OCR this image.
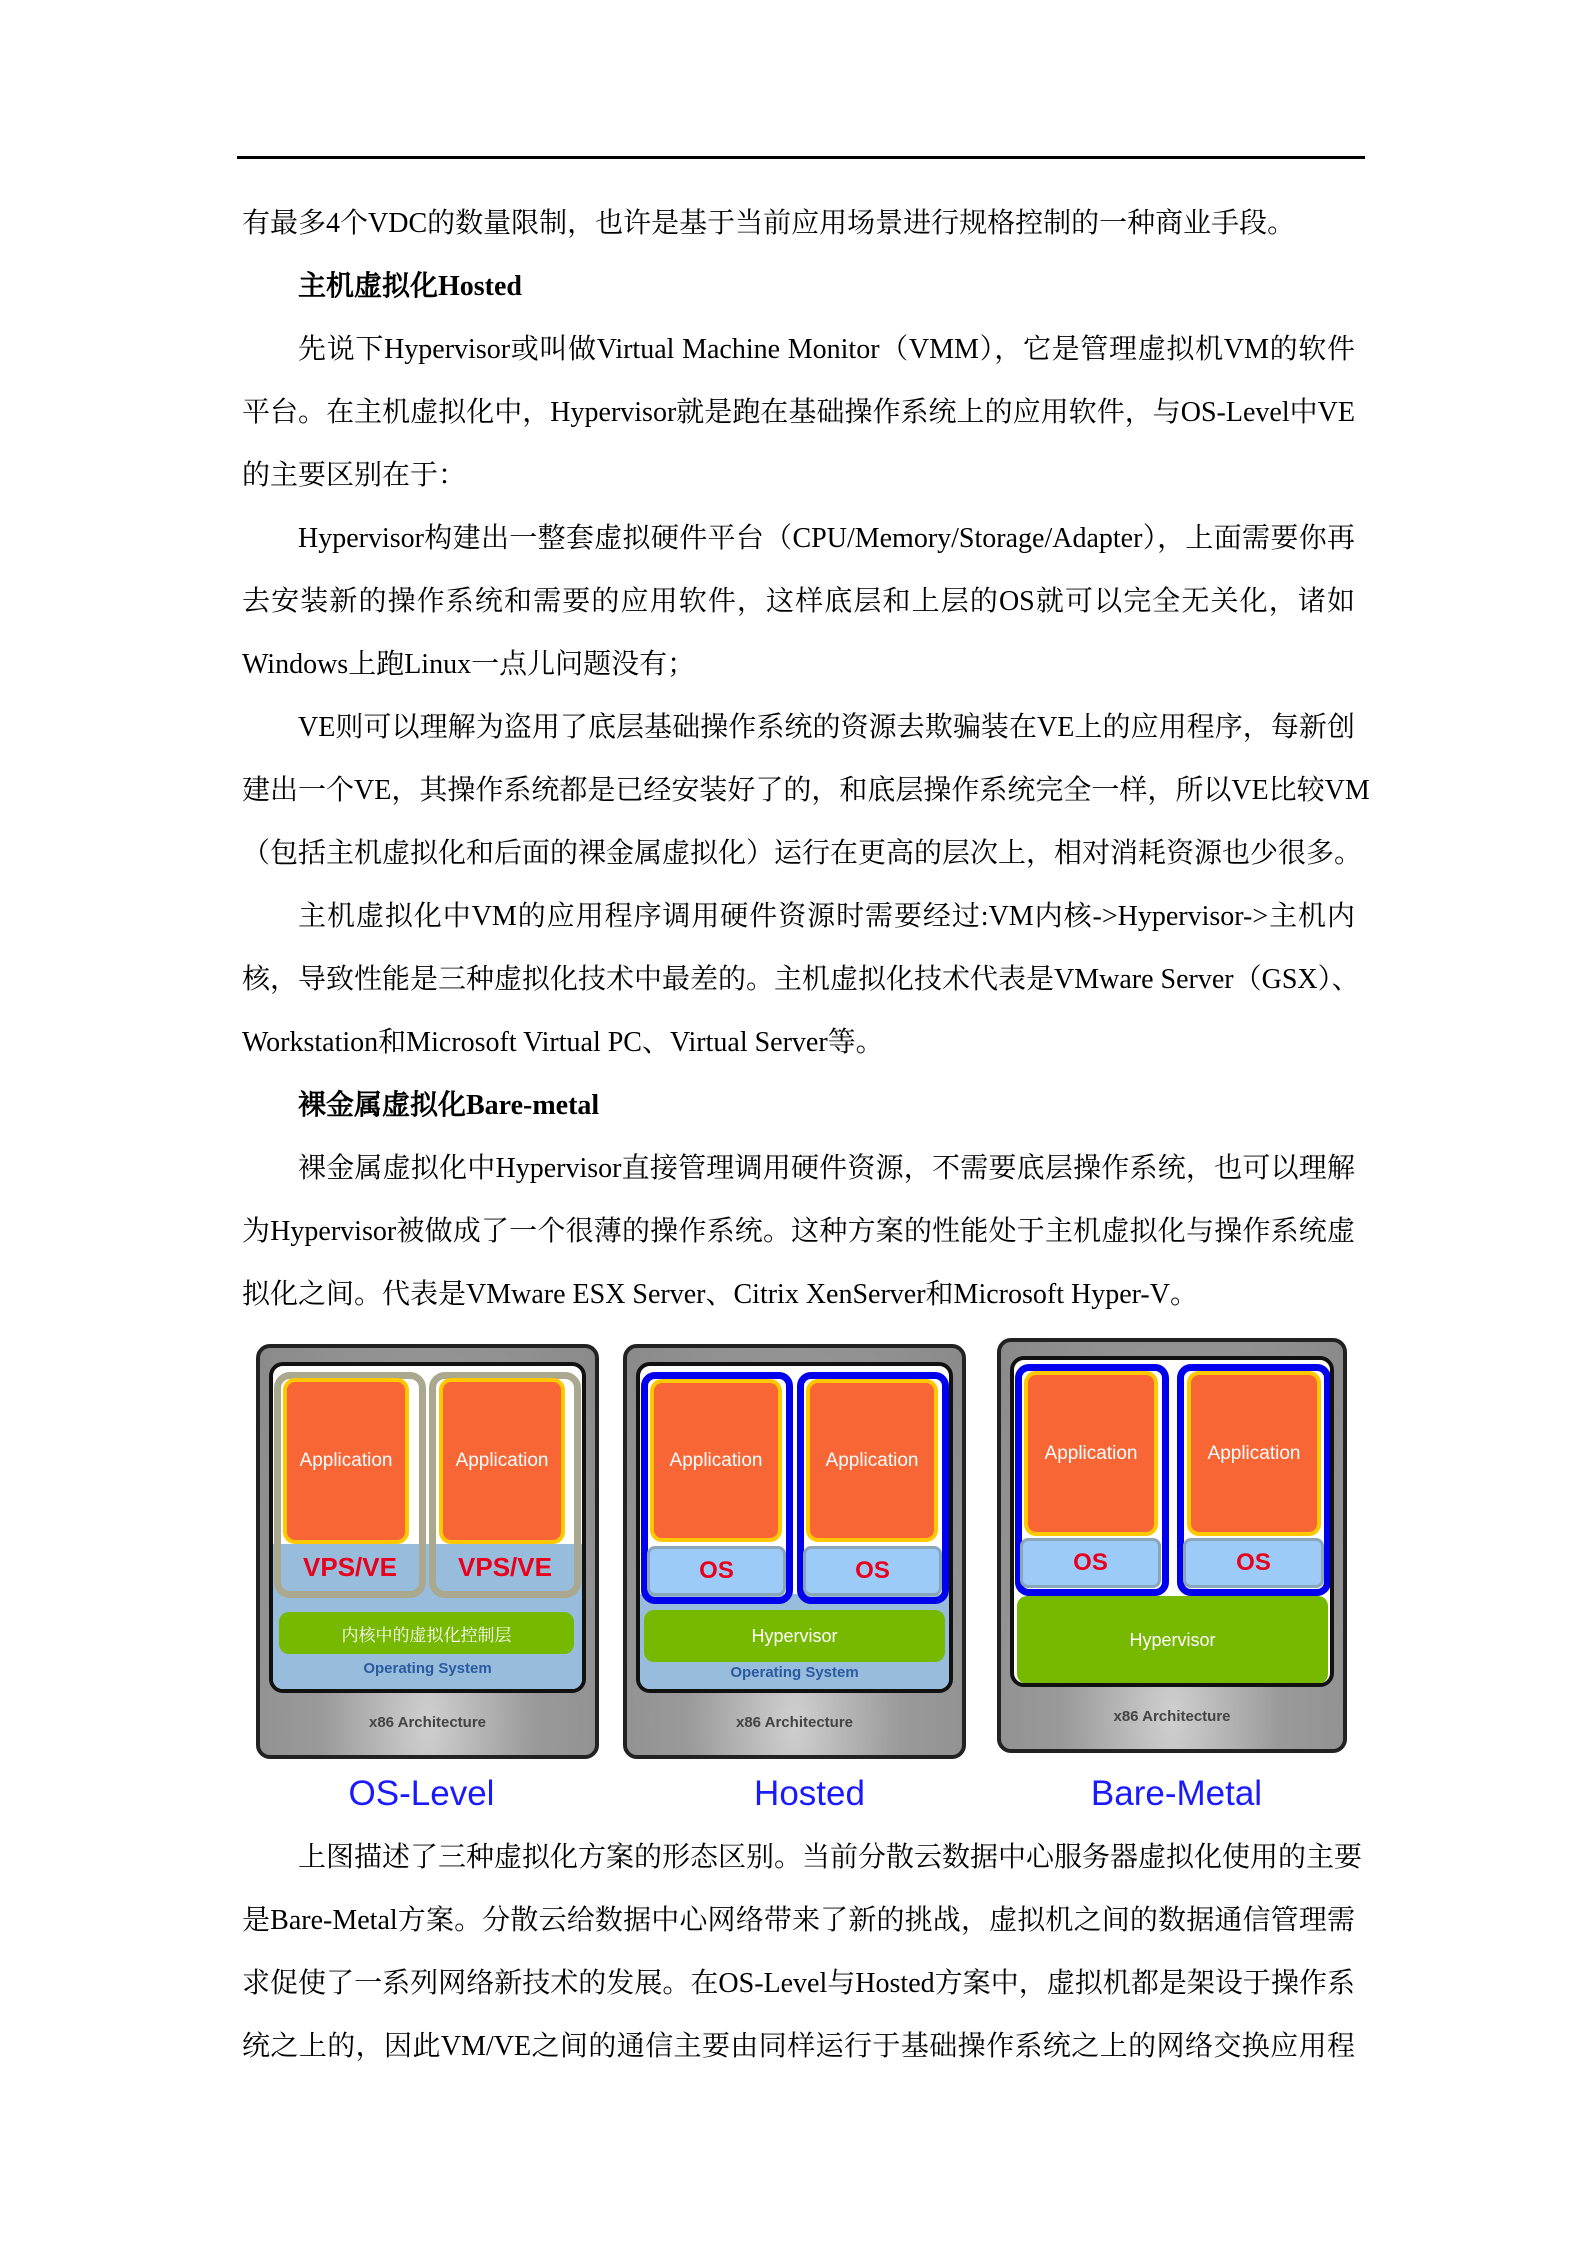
有最多4个VDC的数量限制，也许是基于当前应用场景进行规格控制的一种商业手段。
主机虚拟化Hosted
先说下Hypervisor或叫做Virtual Machine Monitor（VMM），它是管理虚拟机VM的软件
平台。在主机虚拟化中，Hypervisor就是跑在基础操作系统上的应用软件，与OS-Level中VE
的主要区别在于：
Hypervisor构建出一整套虚拟硬件平台（CPU/Memory/Storage/Adapter），上面需要你再
去安装新的操作系统和需要的应用软件，这样底层和上层的OS就可以完全无关化，诸如
Windows上跑Linux一点儿问题没有；
VE则可以理解为盗用了底层基础操作系统的资源去欺骗装在VE上的应用程序，每新创
建出一个VE，其操作系统都是已经安装好了的，和底层操作系统完全一样，所以VE比较VM
（包括主机虚拟化和后面的裸金属虚拟化）运行在更高的层次上，相对消耗资源也少很多。
主机虚拟化中VM的应用程序调用硬件资源时需要经过:VM内核->Hypervisor->主机内
核，导致性能是三种虚拟化技术中最差的。主机虚拟化技术代表是VMware Server（GSX）、
Workstation和Microsoft Virtual PC、Virtual Server等。
裸金属虚拟化Bare-metal
裸金属虚拟化中Hypervisor直接管理调用硬件资源，不需要底层操作系统，也可以理解
为Hypervisor被做成了一个很薄的操作系统。这种方案的性能处于主机虚拟化与操作系统虚
拟化之间。代表是VMware ESX Server、Citrix XenServer和Microsoft Hyper-V。
Application	Application
VPS/VE	VPS/VE
内核中的虚拟化控制层
Operating System
x86 Architecture
Application	Application
OS	OS
Hypervisor
Operating System
x86 Architecture
Application	Application
OS	OS
Hypervisor
x86 Architecture
OS-Level	Hosted	Bare-Metal
上图描述了三种虚拟化方案的形态区别。当前分散云数据中心服务器虚拟化使用的主要
是Bare-Metal方案。分散云给数据中心网络带来了新的挑战，虚拟机之间的数据通信管理需
求促使了一系列网络新技术的发展。在OS-Level与Hosted方案中，虚拟机都是架设于操作系
统之上的，因此VM/VE之间的通信主要由同样运行于基础操作系统之上的网络交换应用程
